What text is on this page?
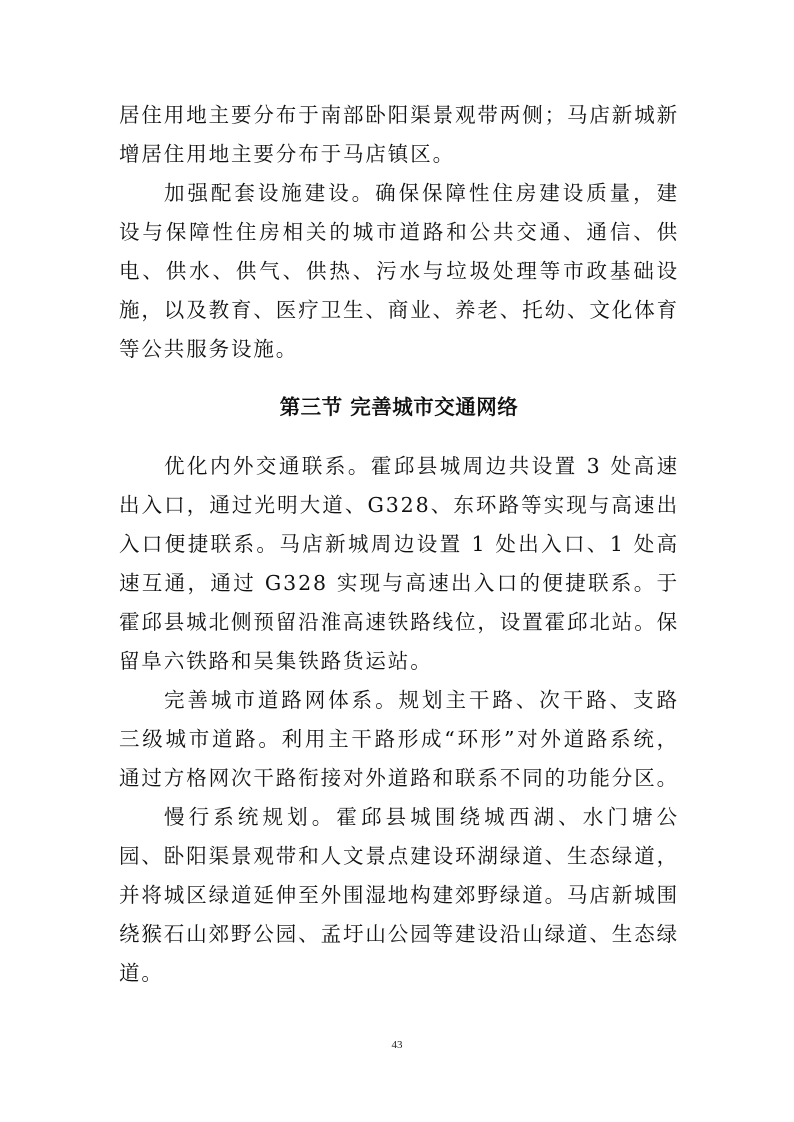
居住用地主要分布于南部卧阳渠景观带两侧；马店新城新增居住用地主要分布于马店镇区。

加强配套设施建设。确保保障性住房建设质量，建设与保障性住房相关的城市道路和公共交通、通信、供电、供水、供气、供热、污水与垃圾处理等市政基础设施，以及教育、医疗卫生、商业、养老、托幼、文化体育等公共服务设施。

第三节 完善城市交通网络

优化内外交通联系。霍邱县城周边共设置 3 处高速出入口，通过光明大道、G328、东环路等实现与高速出入口便捷联系。马店新城周边设置 1 处出入口、1 处高速互通，通过 G328 实现与高速出入口的便捷联系。于霍邱县城北侧预留沿淮高速铁路线位，设置霍邱北站。保留阜六铁路和吴集铁路货运站。

完善城市道路网体系。规划主干路、次干路、支路三级城市道路。利用主干路形成“环形”对外道路系统，通过方格网次干路衔接对外道路和联系不同的功能分区。

慢行系统规划。霍邱县城围绕城西湖、水门塘公园、卧阳渠景观带和人文景点建设环湖绿道、生态绿道，并将城区绿道延伸至外围湿地构建郊野绿道。马店新城围绕猴石山郊野公园、孟圩山公园等建设沿山绿道、生态绿道。

43
